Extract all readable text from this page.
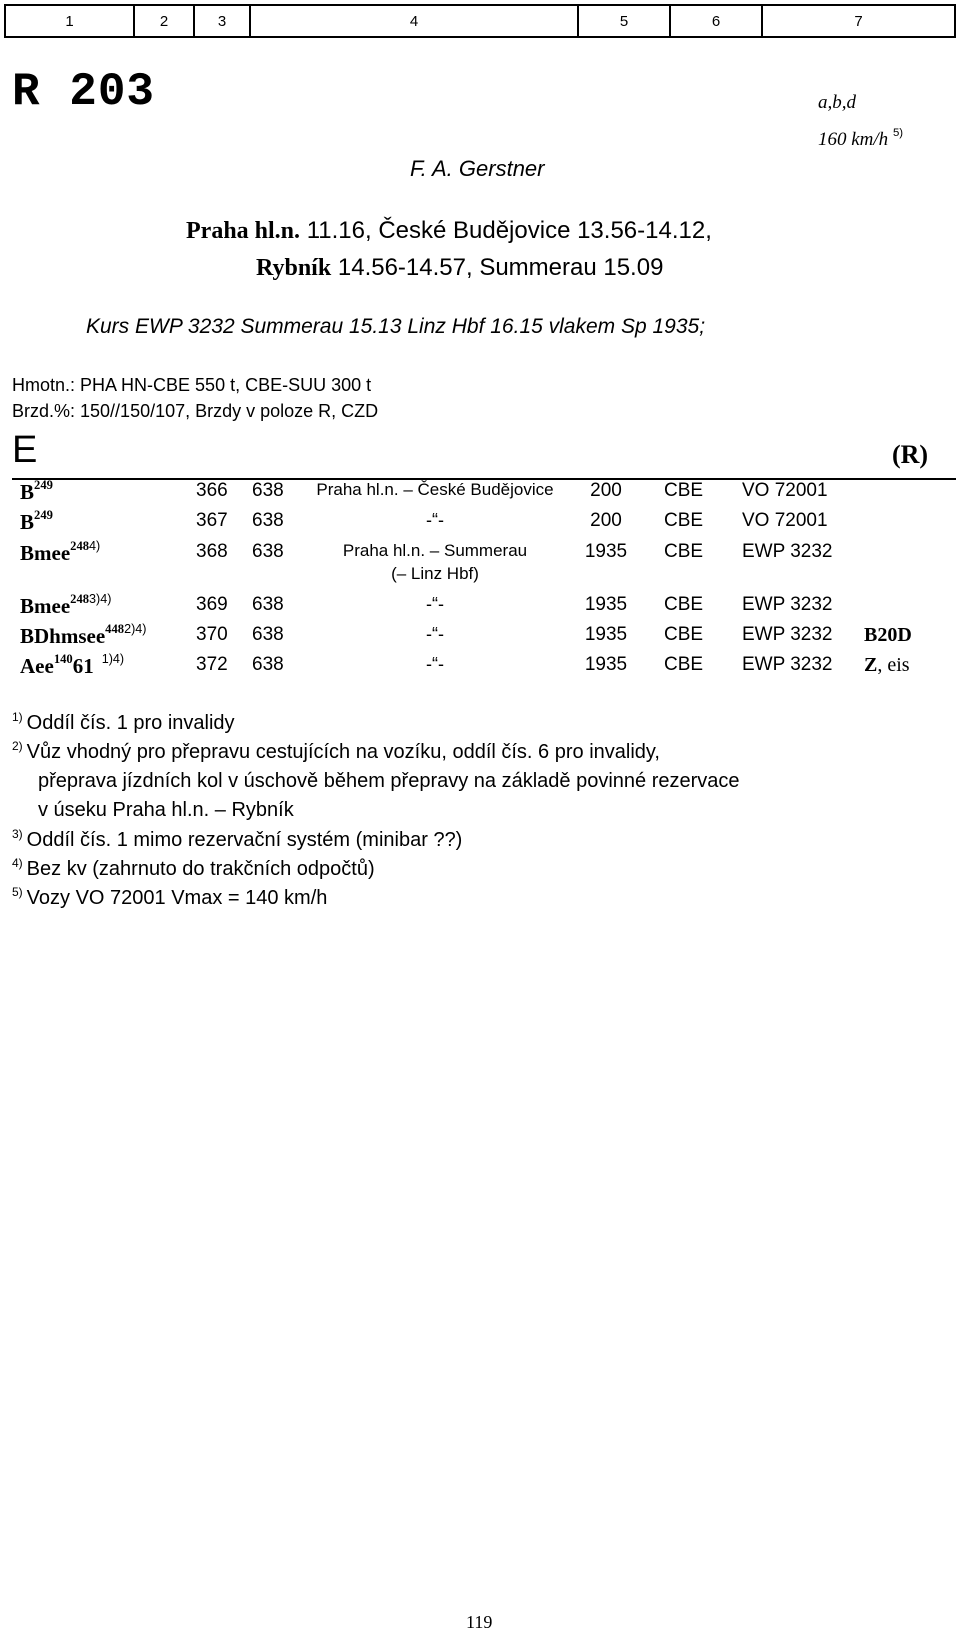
1	2	3	4	5	6	7
R 203	a,b,d
160 km/h $^{5)}$
F. A. Gerstner
Praha hl.n. 11.16, České Budějovice 13.56-14.12,
Rybník 14.56-14.57, Summerau 15.09
Kurs EWP 3232 Summerau 15.13 Linz Hbf 16.15 vlakem Sp 1935;
Hmotn.: PHA HN-CBE 550 t, CBE-SUU 300 t
Brzd.%: 150//150/107, Brzdy v poloze R, CZD
E	(R)
$B^{249}$	366 638	Praha hl.n. – České Budějovice	200	CBE VO 72001
$B^{249}$	367 638	-“-	200	CBE VO 72001
Bmee$^{2484)}$	368 638	Praha hl.n. – Summerau	1935	CBE EWP 3232
(– Linz Hbf)
Bmee$^{2483)4)}$	369 638	-“-	1935	CBE EWP 3232
BDhmsee$^{4482)4)}$	370 638	-“-	1935	CBE EWP 3232 B20D
Aee$^{140}$61 $^{1)4)}$	372 638	-“-	1935	CBE EWP 3232 Z, eis
$^{1)}$ Oddíl čís. 1 pro invalidy
$^{2)}$ Vůz vhodný pro přepravu cestujících na vozíku, oddíl čís. 6 pro invalidy,
přeprava jízdních kol v úschově během přepravy na základě povinné rezervace
v úseku Praha hl.n. – Rybník
$^{3)}$ Oddíl čís. 1 mimo rezervační systém (minibar ??)
$^{4)}$ Bez kv (zahrnuto do trakčních odpočtů)
$^{5)}$ Vozy VO 72001 Vmax = 140 km/h
119
